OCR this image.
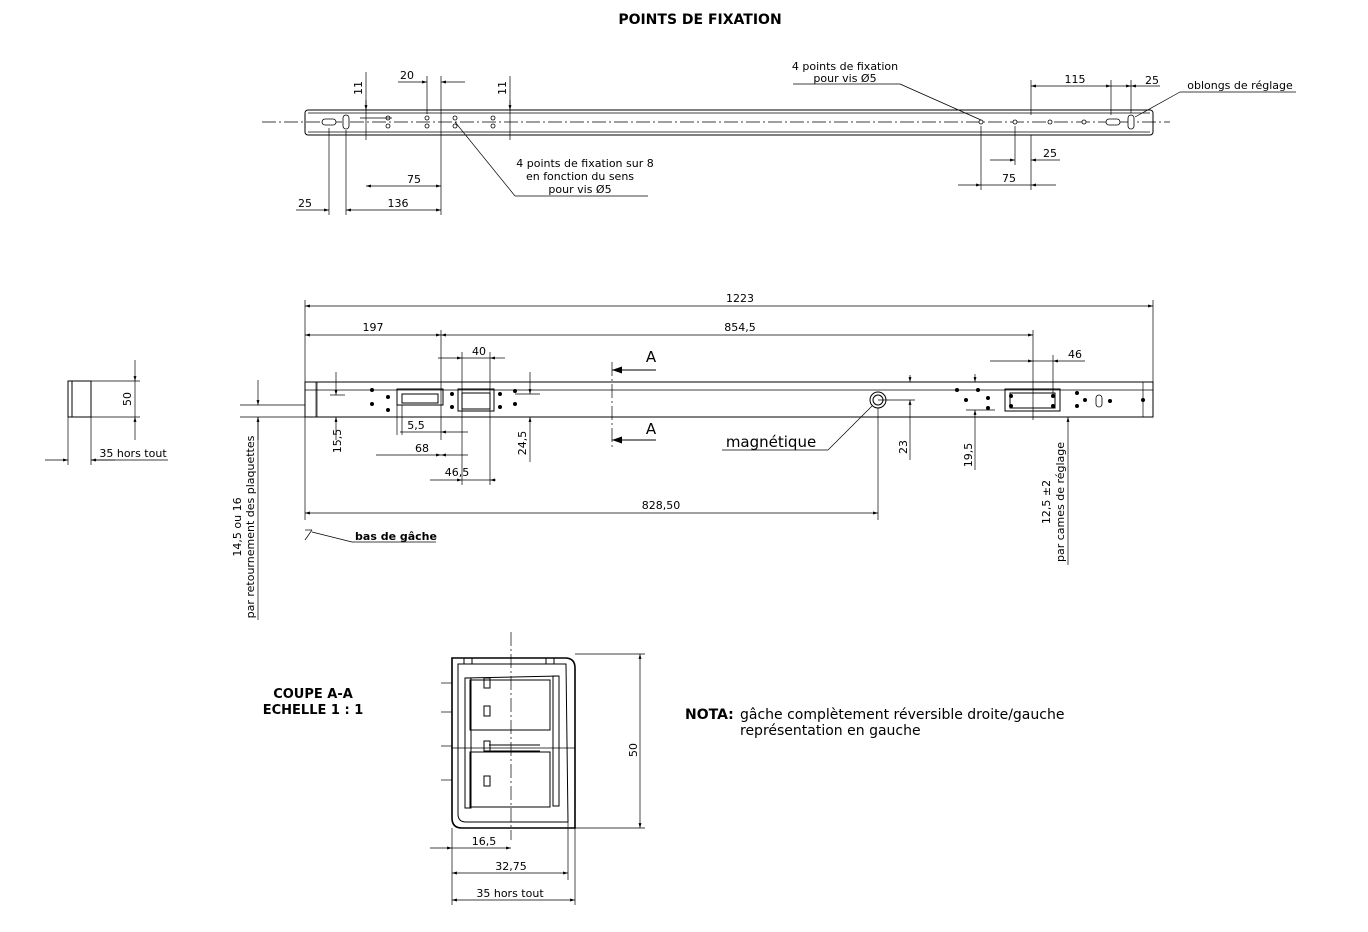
POINTS DE FIXATION
11
20
11
75
25	136
4 points de fixation sur 8
en fonction du sens
pour vis Ø5
4 points de fixation
pour vis Ø5	115	25	oblongs de réglage
25
75
A
A
1223
197	854,5
40	46
15,5
5,5
68
46,5
24,5	magnétique	23	19,5
828,50
bas de gâche
14,5 ou 16 par retournement des plaquettes	12,5 ±2 par cames de réglage
50
35 hors tout
COUPE A-A
ECHELLE 1 : 1
50
16,5
32,75
35 hors tout
NOTA: gâche complètement réversible droite/gauche
représentation en gauche
